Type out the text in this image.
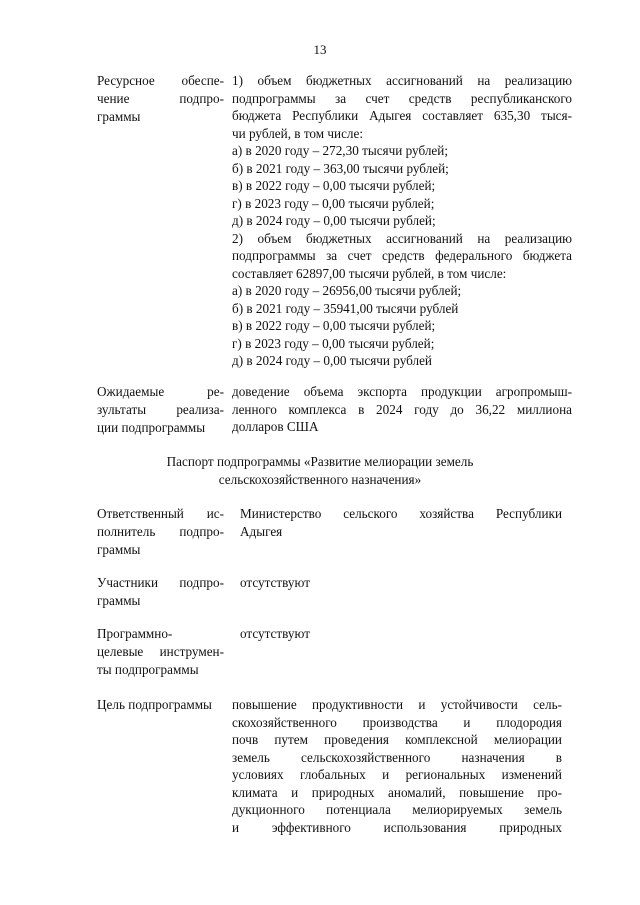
13
Ресурсное обеспе-
чение подпро-
граммы
1) объем бюджетных ассигнований на реализацию
подпрограммы за счет средств республиканского
бюджета Республики Адыгея составляет 635,30 тыся-
чи рублей, в том числе:
а) в 2020 году – 272,30 тысячи рублей;
б) в 2021 году – 363,00 тысячи рублей;
в) в 2022 году – 0,00 тысячи рублей;
г) в 2023 году – 0,00 тысячи рублей;
д) в 2024 году – 0,00 тысячи рублей;
2) объем бюджетных ассигнований на реализацию
подпрограммы за счет средств федерального бюджета
составляет 62897,00 тысячи рублей, в том числе:
а) в 2020 году – 26956,00 тысячи рублей;
б) в 2021 году – 35941,00 тысячи рублей
в) в 2022 году – 0,00 тысячи рублей;
г) в 2023 году – 0,00 тысячи рублей;
д) в 2024 году – 0,00 тысячи рублей
Ожидаемые ре-
зультаты реализа-
ции подпрограммы
доведение объема экспорта продукции агропромыш-
ленного комплекса в 2024 году до 36,22 миллиона
долларов США
Паспорт подпрограммы «Развитие мелиорации земель
сельскохозяйственного назначения»
Ответственный ис-
полнитель подпро-
граммы
Министерство сельского хозяйства Республики
Адыгея
Участники подпро-
граммы
отсутствуют
Программно-
целевые инструмен-
ты подпрограммы
отсутствуют
Цель подпрограммы	повышение продуктивности и устойчивости сель-
скохозяйственного производства и плодородия
почв путем проведения комплексной мелиорации
земель сельскохозяйственного назначения в
условиях глобальных и региональных изменений
климата и природных аномалий, повышение про-
дукционного потенциала мелиорируемых земель
и эффективного использования природных
